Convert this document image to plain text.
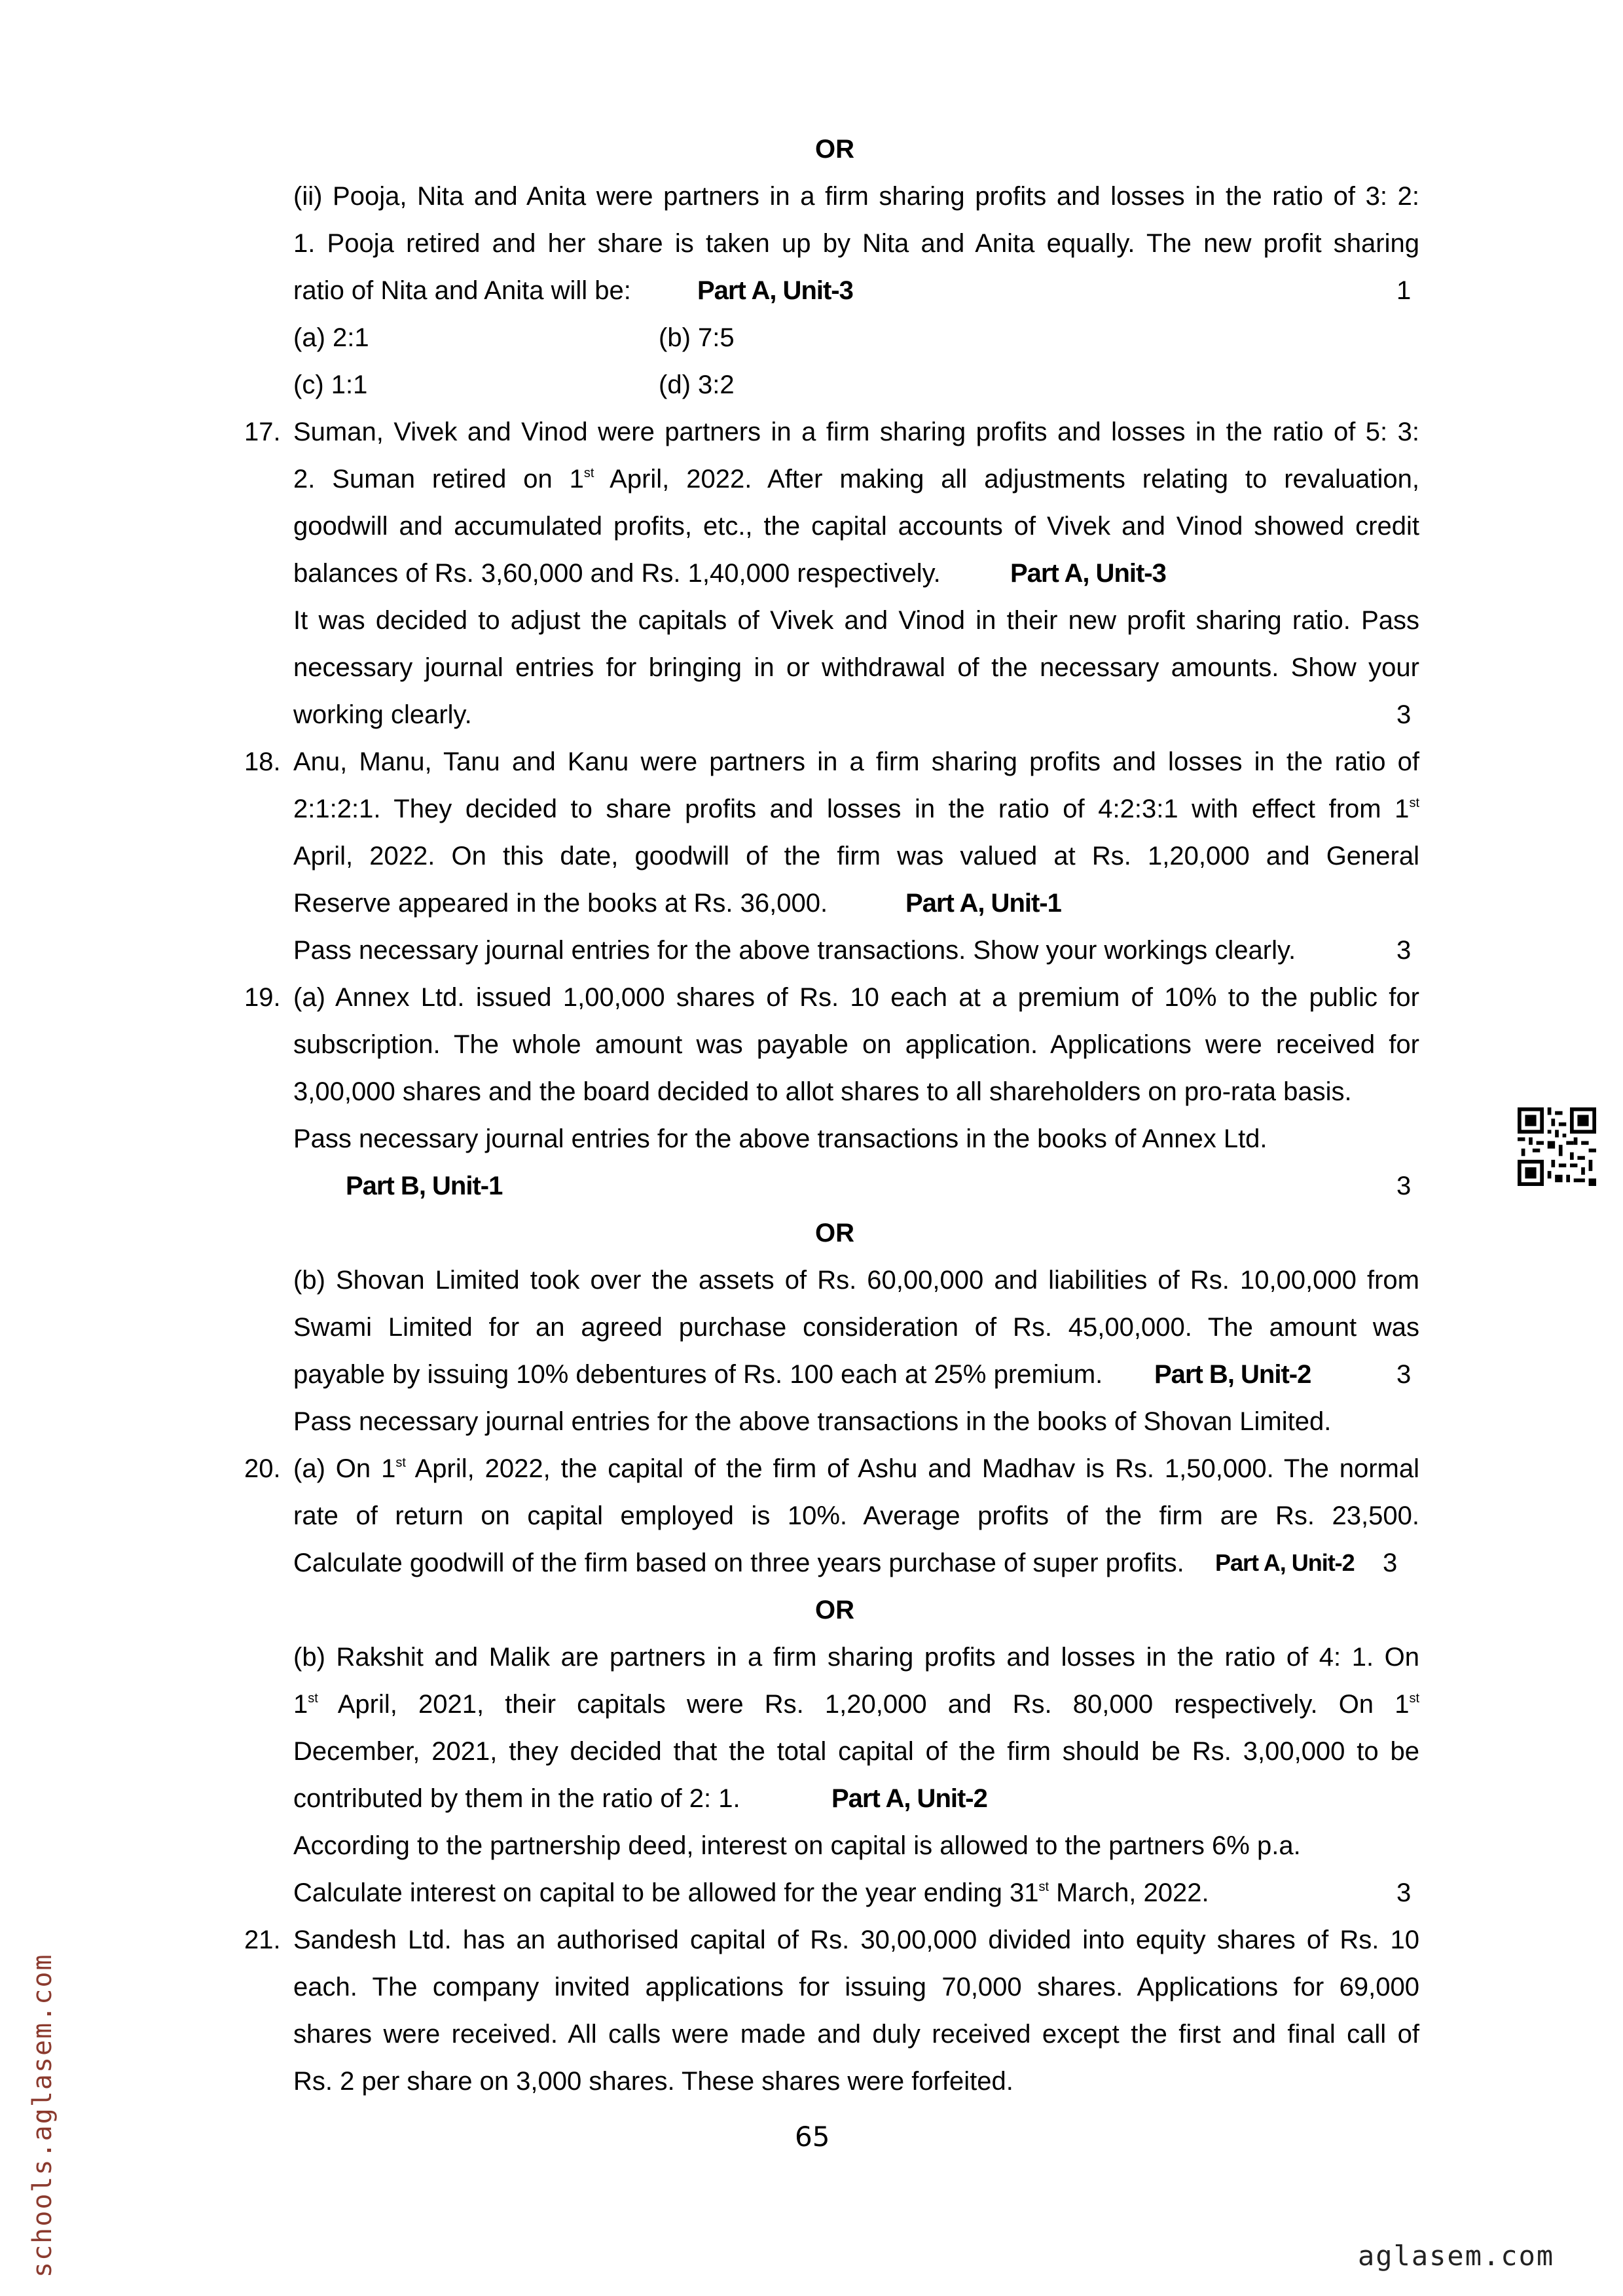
OR
(ii) Pooja, Nita and Anita were partners in a firm sharing profits and losses in the ratio of 3: 2:
1. Pooja retired and her share is taken up by Nita and Anita equally. The new profit sharing
ratio of Nita and Anita will be:	Part A, Unit-3	1
(a) 2:1	(b) 7:5
(c) 1:1	(d) 3:2
17. Suman, Vivek and Vinod were partners in a firm sharing profits and losses in the ratio of 5: 3:
2. Suman retired on 1st April, 2022. After making all adjustments relating to revaluation,
goodwill and accumulated profits, etc., the capital accounts of Vivek and Vinod showed credit
balances of Rs. 3,60,000 and Rs. 1,40,000 respectively.	Part A, Unit-3
It was decided to adjust the capitals of Vivek and Vinod in their new profit sharing ratio. Pass
necessary journal entries for bringing in or withdrawal of the necessary amounts. Show your
working clearly.	3
18. Anu, Manu, Tanu and Kanu were partners in a firm sharing profits and losses in the ratio of
2:1:2:1. They decided to share profits and losses in the ratio of 4:2:3:1 with effect from 1st
April, 2022. On this date, goodwill of the firm was valued at Rs. 1,20,000 and General
Reserve appeared in the books at Rs. 36,000.	Part A, Unit-1
Pass necessary journal entries for the above transactions. Show your workings clearly.	3
19. (a) Annex Ltd. issued 1,00,000 shares of Rs. 10 each at a premium of 10% to the public for
subscription. The whole amount was payable on application. Applications were received for
3,00,000 shares and the board decided to allot shares to all shareholders on pro-rata basis.
Pass necessary journal entries for the above transactions in the books of Annex Ltd.
Part B, Unit-1	3
OR
(b) Shovan Limited took over the assets of Rs. 60,00,000 and liabilities of Rs. 10,00,000 from
Swami Limited for an agreed purchase consideration of Rs. 45,00,000. The amount was
payable by issuing 10% debentures of Rs. 100 each at 25% premium. Part B, Unit-2	3
Pass necessary journal entries for the above transactions in the books of Shovan Limited.
20. (a) On 1st April, 2022, the capital of the firm of Ashu and Madhav is Rs. 1,50,000. The normal
rate of return on capital employed is 10%. Average profits of the firm are Rs. 23,500.
Calculate goodwill of the firm based on three years purchase of super profits. Part A, Unit-2 3
OR
(b) Rakshit and Malik are partners in a firm sharing profits and losses in the ratio of 4: 1. On
1st April, 2021, their capitals were Rs. 1,20,000 and Rs. 80,000 respectively. On 1st
December, 2021, they decided that the total capital of the firm should be Rs. 3,00,000 to be
contributed by them in the ratio of 2: 1.	Part A, Unit-2
According to the partnership deed, interest on capital is allowed to the partners 6% p.a.
Calculate interest on capital to be allowed for the year ending 31st March, 2022.	3
21. Sandesh Ltd. has an authorised capital of Rs. 30,00,000 divided into equity shares of Rs. 10
each. The company invited applications for issuing 70,000 shares. Applications for 69,000
shares were received. All calls were made and duly received except the first and final call of
Rs. 2 per share on 3,000 shares. These shares were forfeited.
65
schools.aglasem.com	aglasem.com
